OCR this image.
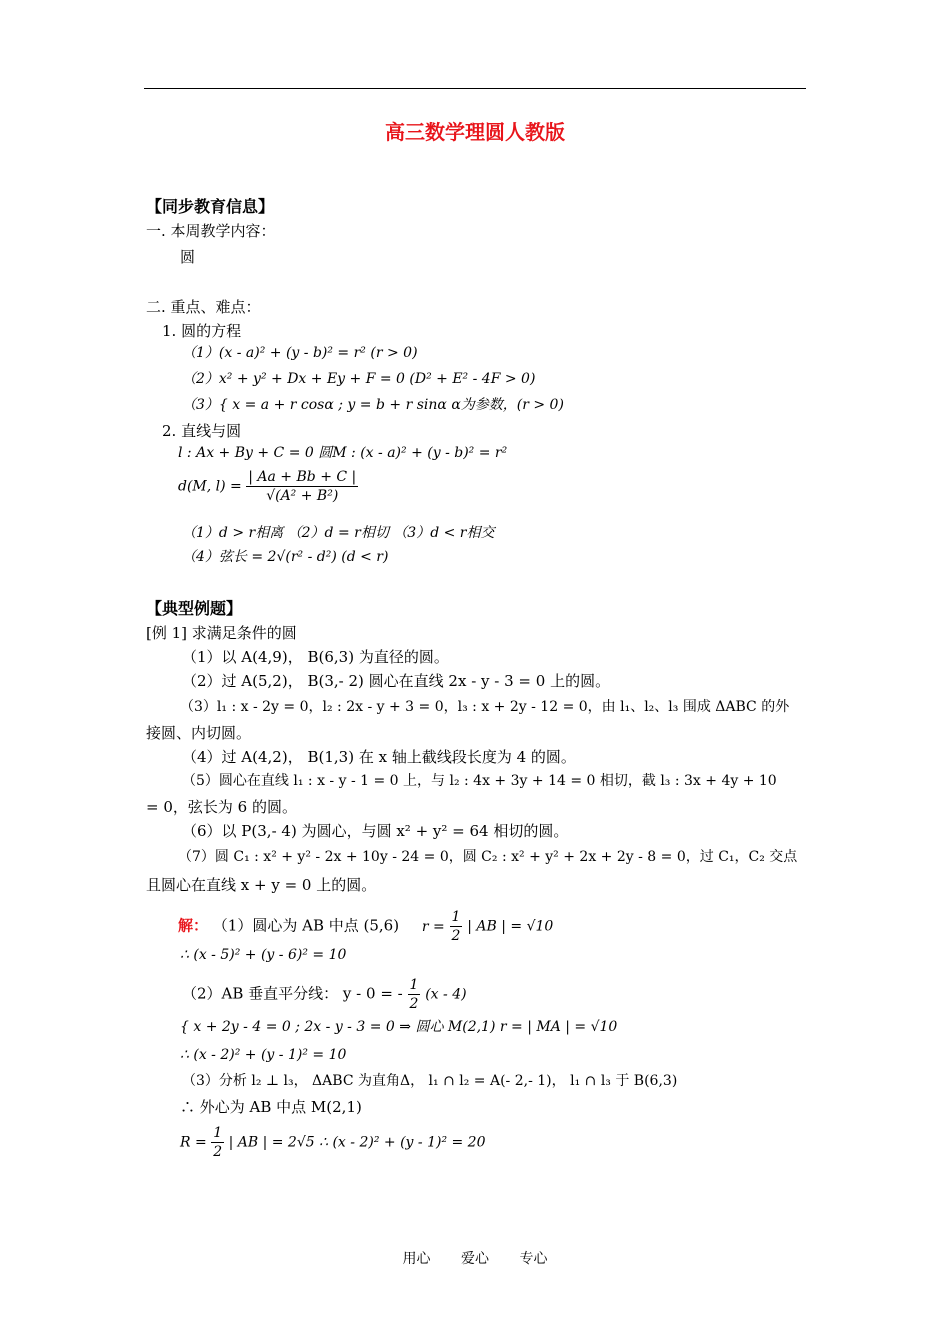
高三数学理圆人教版
【同步教育信息】
一. 本周教学内容：
圆
二. 重点、难点：
1. 圆的方程
（1）(x - a)² + (y - b)² = r² (r > 0)
（2）x² + y² + Dx + Ey + F = 0 (D² + E² - 4F > 0)
（3）{ x = a + r cosα ; y = b + r sinα α为参数，(r > 0)
2. 直线与圆
l : Ax + By + C = 0 圆M : (x - a)² + (y - b)² = r²
d(M, $l) = \frac{| Aa + Bb + C |}{\text{√(A² + B²)}}$
（1）d > r相离 （2）d = r相切 （3）d < r相交
（4）弦长 = 2√(r² - d²) (d < r)
【典型例题】
[例 1] 求满足条件的圆
（1）以 A(4,9)， B(6,3) 为直径的圆。
（2）过 A(5,2)， B(3,- 2) 圆心在直线 2x - y - 3 = 0 上的圆。
（3）l₁ : x - 2y = 0，l₂ : 2x - y + 3 = 0，l₃ : x + 2y - 12 = 0，由 l₁、l₂、l₃ 围成 ΔABC 的外
接圆、内切圆。
（4）过 A(4,2)， B(1,3) 在 x 轴上截线段长度为 4 的圆。
（5）圆心在直线 l₁ : x - y - 1 = 0 上，与 l₂ : 4x + 3y + 14 = 0 相切，截 l₃ : 3x + 4y + 10
= 0，弦长为 6 的圆。
（6）以 P(3,- 4) 为圆心，与圆 x² + y² = 64 相切的圆。
（7）圆 C₁ : x² + y² - 2x + 10y - 24 = 0，圆 C₂ : x² + y² + 2x + 2y - 8 = 0，过 C₁，C₂ 交点
且圆心在直线 x + y = 0 上的圆。
解： （1）圆心为 AB 中点 (5,6) $r = \frac{1}{2}$ | AB | = √10
∴ (x - 5)² + (y - 6)² = 10
（2）AB 垂直平分线： y - 0 = - $\frac{1}{2} (x - 4)$
{ x + 2y - 4 = 0 ; 2x - y - 3 = 0 ⇒ 圆心 M(2,1) r = | MA | = √10
∴ (x - 2)² + (y - 1)² = 10
（3）分析 l₂ ⊥ l₃， ΔABC 为直角Δ， l₁ ∩ l₂ = A(- 2,- 1)， l₁ ∩ l₃ 于 B(6,3)
∴ 外心为 AB 中点 M(2,1)
$R = \frac{1}{2}$ | AB | = 2√5 ∴ (x - 2)² + (y - 1)² = 20
用心 爱心 专心
